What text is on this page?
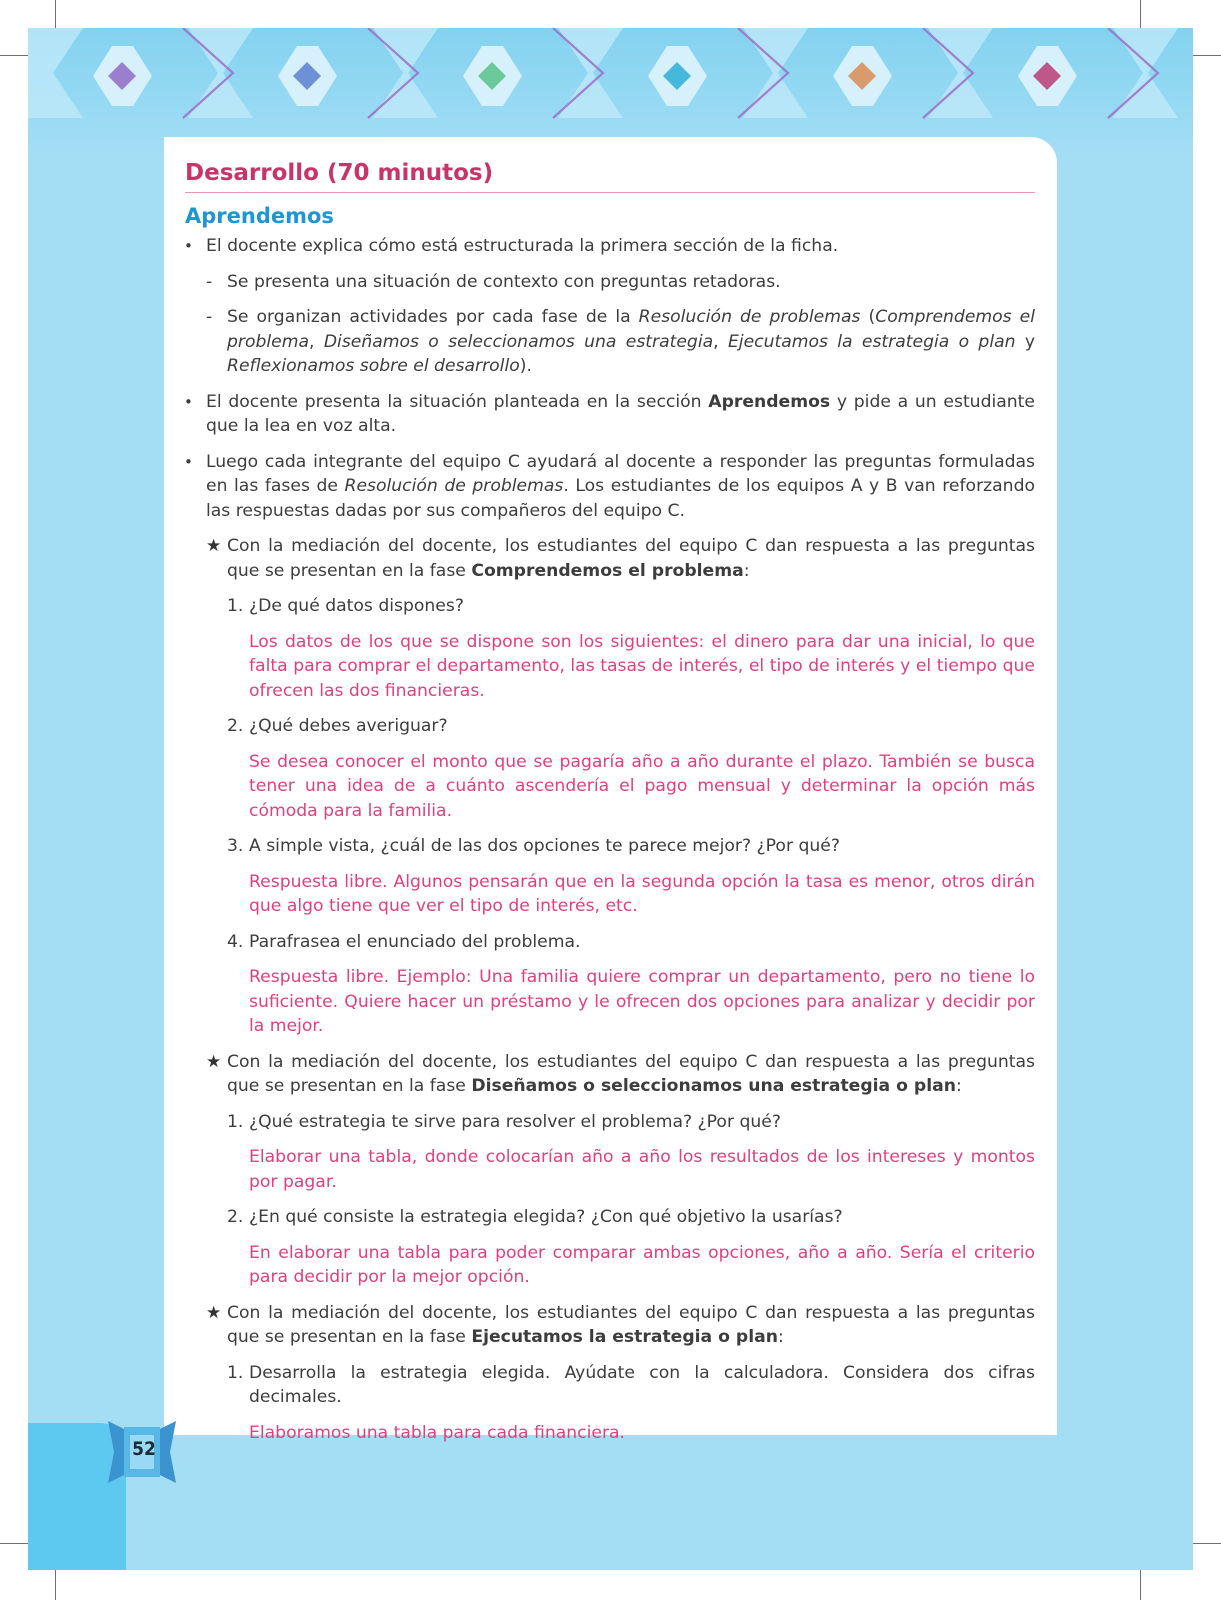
Desarrollo (70 minutos)
Aprendemos
• El docente explica cómo está estructurada la primera sección de la ficha.
- Se presenta una situación de contexto con preguntas retadoras.
- Se organizan actividades por cada fase de la Resolución de problemas (Comprendemos el problema, Diseñamos o seleccionamos una estrategia, Ejecutamos la estrategia o plan y Reflexionamos sobre el desarrollo).
• El docente presenta la situación planteada en la sección Aprendemos y pide a un estudiante que la lea en voz alta.
• Luego cada integrante del equipo C ayudará al docente a responder las preguntas formuladas en las fases de Resolución de problemas. Los estudiantes de los equipos A y B van reforzando las respuestas dadas por sus compañeros del equipo C.
★ Con la mediación del docente, los estudiantes del equipo C dan respuesta a las preguntas que se presentan en la fase Comprendemos el problema:
1. ¿De qué datos dispones?
Los datos de los que se dispone son los siguientes: el dinero para dar una inicial, lo que falta para comprar el departamento, las tasas de interés, el tipo de interés y el tiempo que ofrecen las dos financieras.
2. ¿Qué debes averiguar?
Se desea conocer el monto que se pagaría año a año durante el plazo. También se busca tener una idea de a cuánto ascendería el pago mensual y determinar la opción más cómoda para la familia.
3. A simple vista, ¿cuál de las dos opciones te parece mejor? ¿Por qué?
Respuesta libre. Algunos pensarán que en la segunda opción la tasa es menor, otros dirán que algo tiene que ver el tipo de interés, etc.
4. Parafrasea el enunciado del problema.
Respuesta libre. Ejemplo: Una familia quiere comprar un departamento, pero no tiene lo suficiente. Quiere hacer un préstamo y le ofrecen dos opciones para analizar y decidir por la mejor.
★ Con la mediación del docente, los estudiantes del equipo C dan respuesta a las preguntas que se presentan en la fase Diseñamos o seleccionamos una estrategia o plan:
1. ¿Qué estrategia te sirve para resolver el problema? ¿Por qué?
Elaborar una tabla, donde colocarían año a año los resultados de los intereses y montos por pagar.
2. ¿En qué consiste la estrategia elegida? ¿Con qué objetivo la usarías?
En elaborar una tabla para poder comparar ambas opciones, año a año. Sería el criterio para decidir por la mejor opción.
★ Con la mediación del docente, los estudiantes del equipo C dan respuesta a las preguntas que se presentan en la fase Ejecutamos la estrategia o plan:
1. Desarrolla la estrategia elegida. Ayúdate con la calculadora. Considera dos cifras decimales.
Elaboramos una tabla para cada financiera.
52
